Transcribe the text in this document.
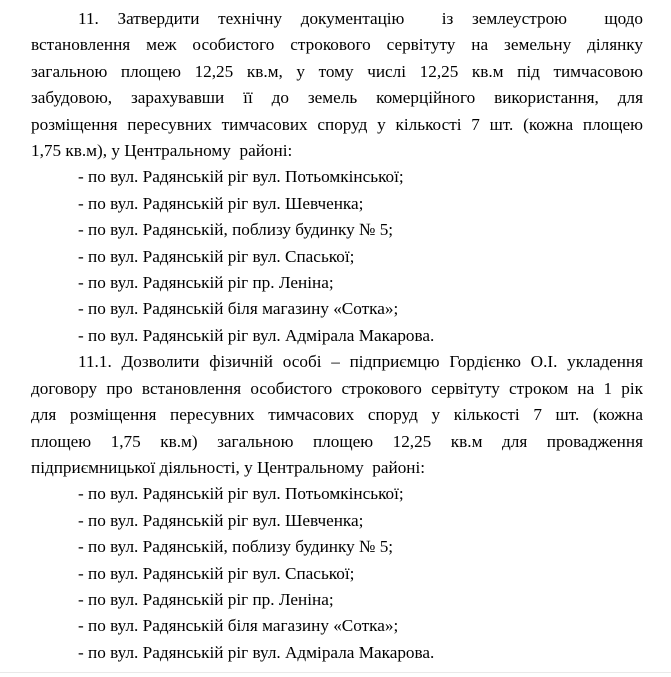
11. Затвердити технічну документацію  із землеустрою  щодо
встановлення меж особистого строкового сервітуту на земельну ділянку
загальною площею 12,25 кв.м, у тому числі 12,25 кв.м під тимчасовою
забудовою, зарахувавши її до земель комерційного використання, для
розміщення пересувних тимчасових споруд у кількості 7 шт. (кожна площею
1,75 кв.м), у Центральному  районі:
- по вул. Радянській ріг вул. Потьомкінської;
- по вул. Радянській ріг вул. Шевченка;
- по вул. Радянській, поблизу будинку № 5;
- по вул. Радянській ріг вул. Спаської;
- по вул. Радянській ріг пр. Леніна;
- по вул. Радянській біля магазину «Сотка»;
- по вул. Радянській ріг вул. Адмірала Макарова.
11.1. Дозволити фізичній особі – підприємцю Гордієнко О.І. укладення
договору про встановлення особистого строкового сервітуту строком на 1 рік
для розміщення пересувних тимчасових споруд у кількості 7 шт. (кожна
площею 1,75 кв.м) загальною площею 12,25 кв.м для провадження
підприємницької діяльності, у Центральному  районі:
- по вул. Радянській ріг вул. Потьомкінської;
- по вул. Радянській ріг вул. Шевченка;
- по вул. Радянській, поблизу будинку № 5;
- по вул. Радянській ріг вул. Спаської;
- по вул. Радянській ріг пр. Леніна;
- по вул. Радянській біля магазину «Сотка»;
- по вул. Радянській ріг вул. Адмірала Макарова.
